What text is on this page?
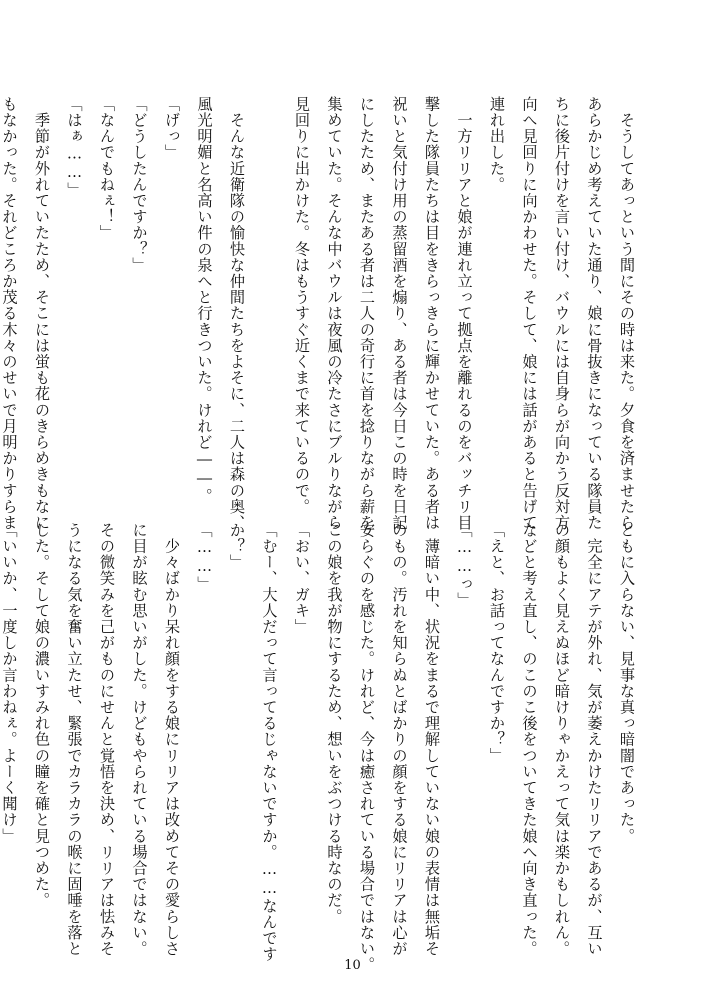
　そうしてあっという間にその時は来た。夕食を済ませたら
あらかじめ考えていた通り、娘に骨抜きになっている隊員た
ちに後片付けを言い付け、バウルには自身らが向かう反対方
向へ見回りに向かわせた。そして、娘には話があると告げて
連れ出した。
　一方リリアと娘が連れ立って拠点を離れるのをバッチリ目
撃した隊員たちは目をきらっきらに輝かせていた。ある者は
祝いと気付け用の蒸留酒を煽り、ある者は今日この時を日記
にしたため、またある者は二人の奇行に首を捻りながら薪を
集めていた。そんな中バウルは夜風の冷たさにブルりながら
見回りに出かけた。冬はもうすぐ近くまで来ているので。

　そんな近衛隊の愉快な仲間たちをよそに、二人は森の奥、
風光明媚と名高い件の泉へと行きついた。けれど――。
「げっ」
「どうしたんですか？」
「なんでもねぇ！」
「はぁ……」
　季節が外れていたため、そこには蛍も花のきらめきもなに
もなかった。それどころか茂る木々のせいで月明かりすらま
ともに入らない、見事な真っ暗闇であった。
　完全にアテが外れ、気が萎えかけたリリアであるが、互い
の顔もよく見えぬほど暗けりゃかえって気は楽かもしれん。
などと考え直し、のこのこ後をついてきた娘へ向き直った。
「えと、お話ってなんですか？」
「……っ」
　薄暗い中、状況をまるで理解していない娘の表情は無垢そ
のもの。汚れを知らぬとばかりの顔をする娘にリリアは心が
安らぐのを感じた。けれど、今は癒されている場合ではない。
この娘を我が物にするため、想いをぶつける時なのだ。
「おい、ガキ」
「むー、大人だって言ってるじゃないですか。……なんです
か？」
「……」
　少々ばかり呆れ顔をする娘にリリアは改めてその愛らしさ
に目が眩む思いがした。けどもやられている場合ではない。
その微笑みを己がものにせんと覚悟を決め、リリアは怯みそ
うになる気を奮い立たせ、緊張でカラカラの喉に固唾を落と
した。そして娘の濃いすみれ色の瞳を確と見つめた。
「いいか、一度しか言わねぇ。よーく聞け」
10
